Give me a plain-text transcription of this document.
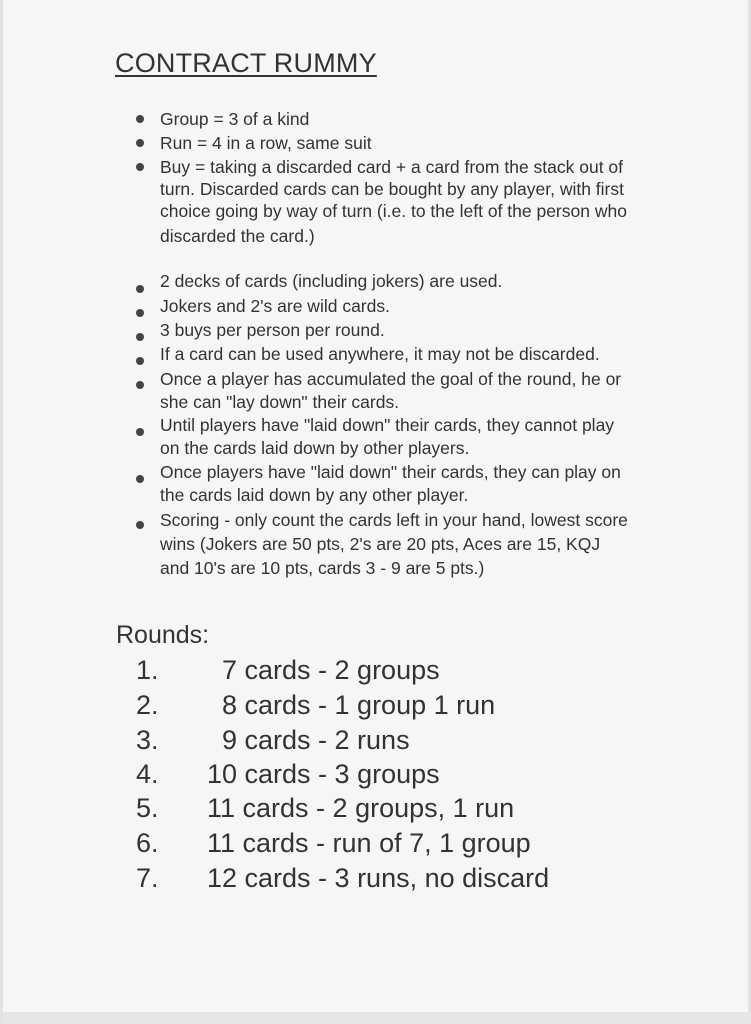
CONTRACT RUMMY
Group = 3 of a kind
Run = 4 in a row, same suit
Buy = taking a discarded card + a card from the stack out of
turn. Discarded cards can be bought by any player, with first
choice going by way of turn (i.e. to the left of the person who
discarded the card.)
2 decks of cards (including jokers) are used.
Jokers and 2's are wild cards.
3 buys per person per round.
If a card can be used anywhere, it may not be discarded.
Once a player has accumulated the goal of the round, he or
she can "lay down" their cards.
Until players have "laid down" their cards, they cannot play
on the cards laid down by other players.
Once players have "laid down" their cards, they can play on
the cards laid down by any other player.
Scoring - only count the cards left in your hand, lowest score
wins (Jokers are 50 pts, 2's are 20 pts, Aces are 15, KQJ
and 10's are 10 pts, cards 3 - 9 are 5 pts.)
Rounds:
1. 7 cards - 2 groups
2. 8 cards - 1 group 1 run
3. 9 cards - 2 runs
4. 10 cards - 3 groups
5. 11 cards - 2 groups, 1 run
6. 11 cards - run of 7, 1 group
7. 12 cards - 3 runs, no discard
